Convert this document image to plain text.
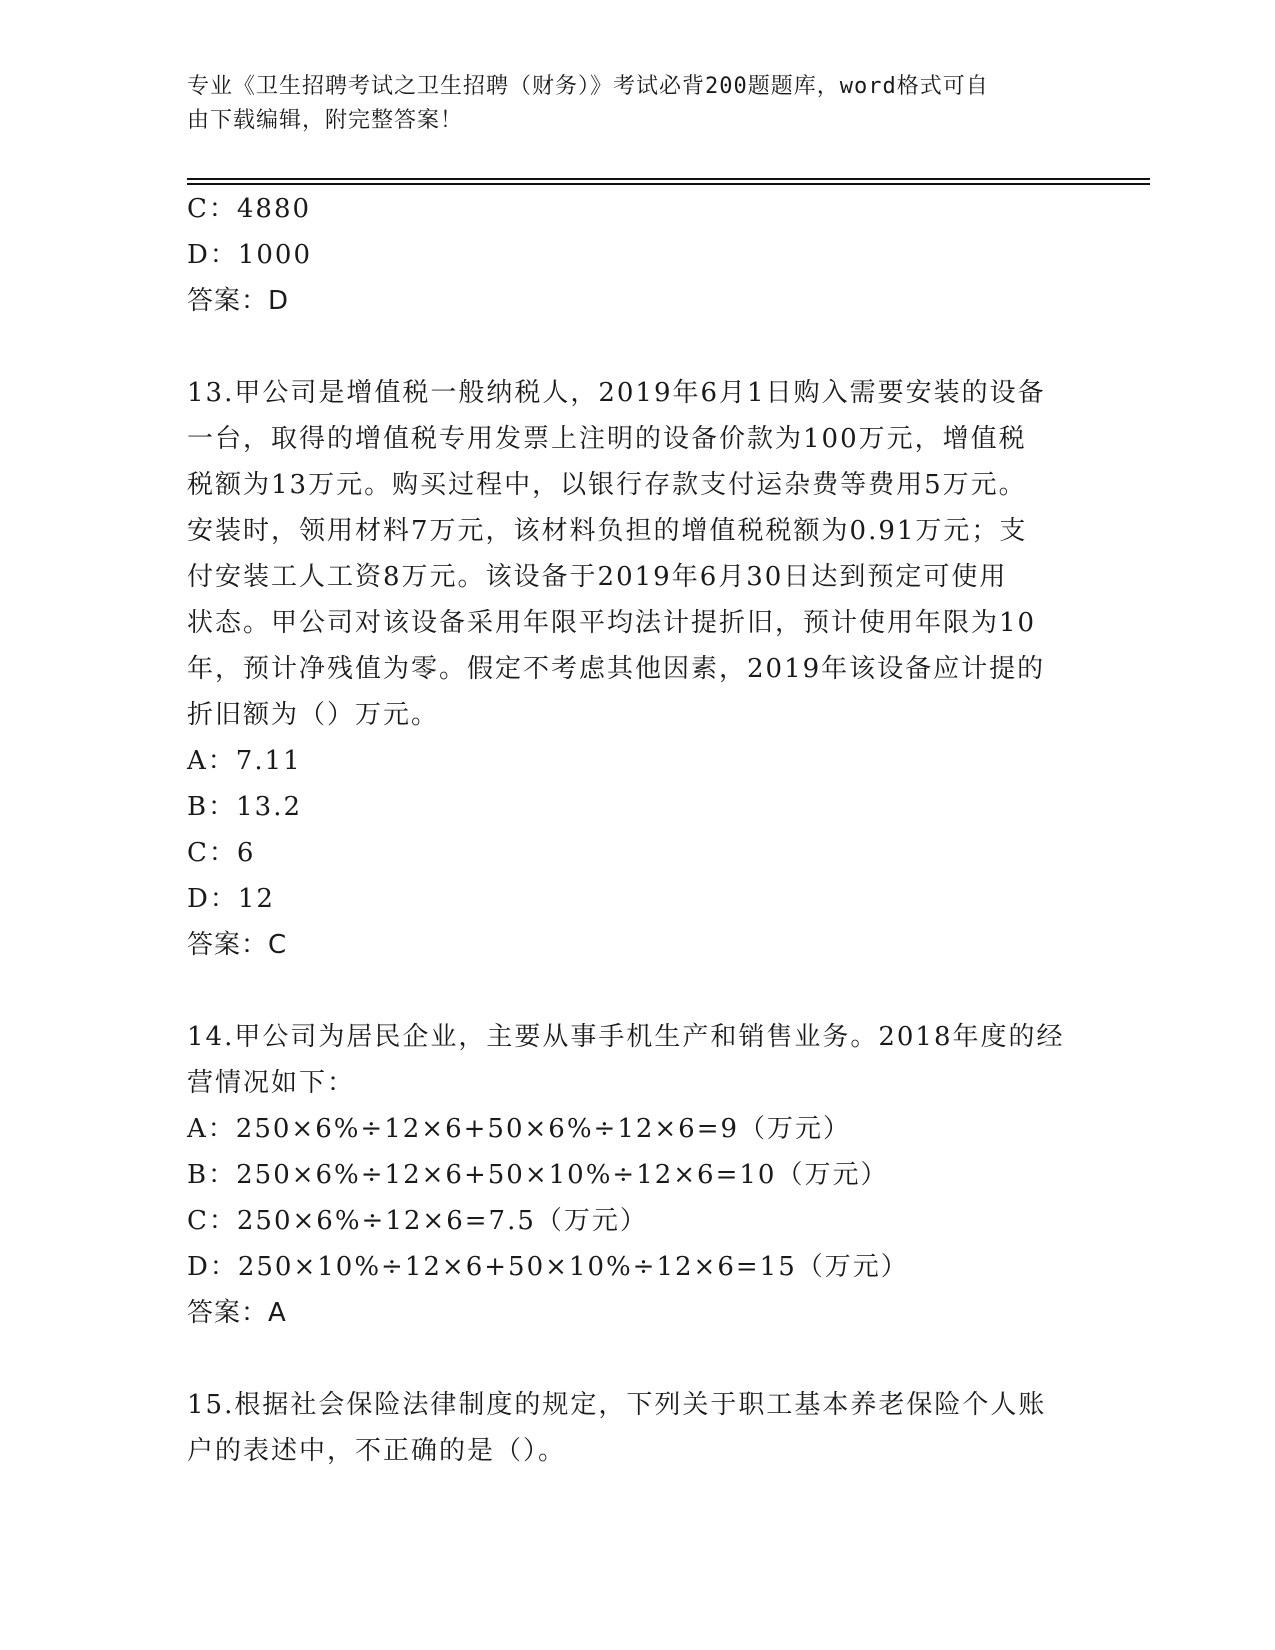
专业《卫生招聘考试之卫生招聘（财务）》考试必背200题题库，word格式可自
由下载编辑，附完整答案！
C：4880
D：1000
答案：D
13.甲公司是增值税一般纳税人，2019年6月1日购入需要安装的设备
一台，取得的增值税专用发票上注明的设备价款为100万元，增值税
税额为13万元。购买过程中，以银行存款支付运杂费等费用5万元。
安装时，领用材料7万元，该材料负担的增值税税额为0.91万元；支
付安装工人工资8万元。该设备于2019年6月30日达到预定可使用
状态。甲公司对该设备采用年限平均法计提折旧，预计使用年限为10
年，预计净残值为零。假定不考虑其他因素，2019年该设备应计提的
折旧额为（）万元。
A：7.11
B：13.2
C：6
D：12
答案：C
14.甲公司为居民企业，主要从事手机生产和销售业务。2018年度的经
营情况如下：
A：250×6%÷12×6+50×6%÷12×6=9（万元）
B：250×6%÷12×6+50×10%÷12×6=10（万元）
C：250×6%÷12×6=7.5（万元）
D：250×10%÷12×6+50×10%÷12×6=15（万元）
答案：A
15.根据社会保险法律制度的规定，下列关于职工基本养老保险个人账
户的表述中，不正确的是（）。
